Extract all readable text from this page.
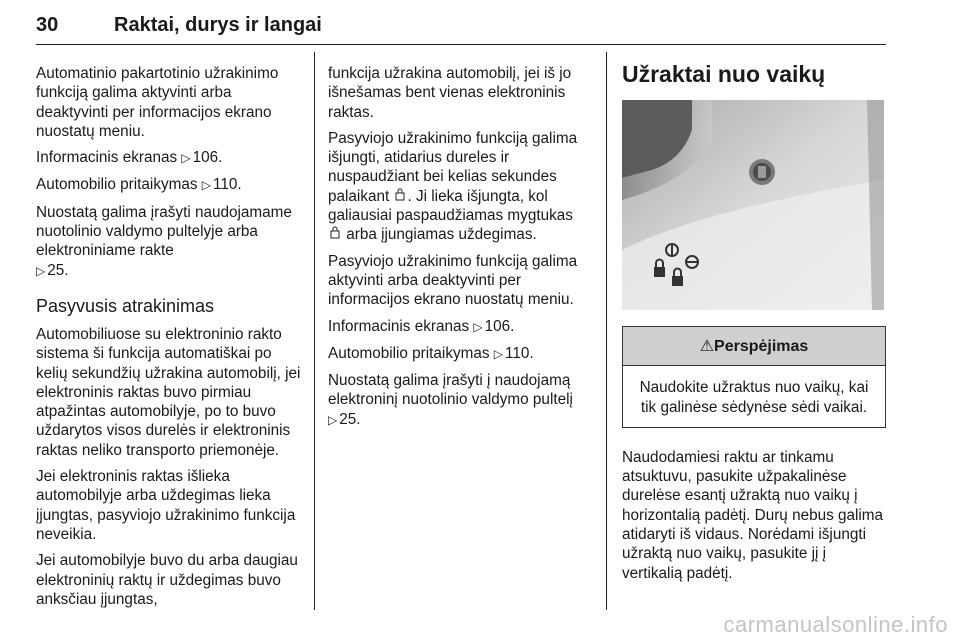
30	Raktai, durys ir langai

Automatinio pakartotinio užrakinimo funkciją galima aktyvinti arba deaktyvinti per informacijos ekrano nuostatų meniu.

Informacinis ekranas ▷ 106.

Automobilio pritaikymas ▷ 110.

Nuostatą galima įrašyti naudojamame nuotolinio valdymo pultelyje arba elektroniniame rakte
▷ 25.

Pasyvusis atrakinimas

Automobiliuose su elektroninio rakto sistema ši funkcija automatiškai po kelių sekundžių užrakina automobilį, jei elektroninis raktas buvo pirmiau atpažintas automobilyje, po to buvo uždarytos visos durelės ir elektroninis raktas neliko transporto priemonėje.

Jei elektroninis raktas išlieka automobilyje arba uždegimas lieka įjungtas, pasyviojo užrakinimo funkcija neveikia.

Jei automobilyje buvo du arba daugiau elektroninių raktų ir uždegimas buvo anksčiau įjungtas,

funkcija užrakina automobilį, jei iš jo išnešamas bent vienas elektroninis raktas.

Pasyviojo užrakinimo funkciją galima išjungti, atidarius dureles ir nuspaudžiant bei kelias sekundes palaikant . Ji lieka išjungta, kol galiausiai paspaudžiamas mygtukas
arba įjungiamas uždegimas.

Pasyviojo užrakinimo funkciją galima aktyvinti arba deaktyvinti per informacijos ekrano nuostatų meniu.

Informacinis ekranas ▷ 106.

Automobilio pritaikymas ▷ 110.

Nuostatą galima įrašyti į naudojamą elektroninį nuotolinio valdymo pultelį
▷ 25.

Užraktai nuo vaikų
⚠Perspėjimas
Naudokite užraktus nuo vaikų, kai tik galinėse sėdynėse sėdi vaikai.

Naudodamiesi raktu ar tinkamu atsuktuvu, pasukite užpakalinėse durelėse esantį užraktą nuo vaikų į horizontalią padėtį. Durų nebus galima atidaryti iš vidaus. Norėdami išjungti užraktą nuo vaikų, pasukite jį į vertikalią padėtį.

carmanualsonline.info
